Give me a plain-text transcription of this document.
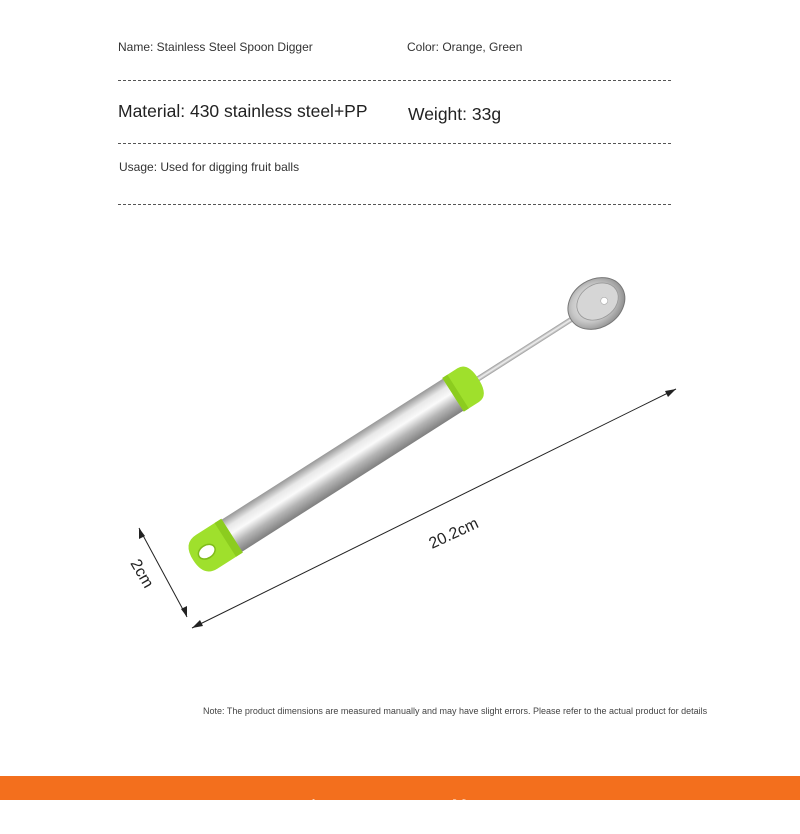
Name: Stainless Steel Spoon Digger	Color: Orange, Green
Material: 430 stainless steel+PP Weight: 33g
Usage: Used for digging fruit balls
20.2cm
2cm
Note: The product dimensions are measured manually and may have slight errors. Please refer to the actual product for details
产品细节
